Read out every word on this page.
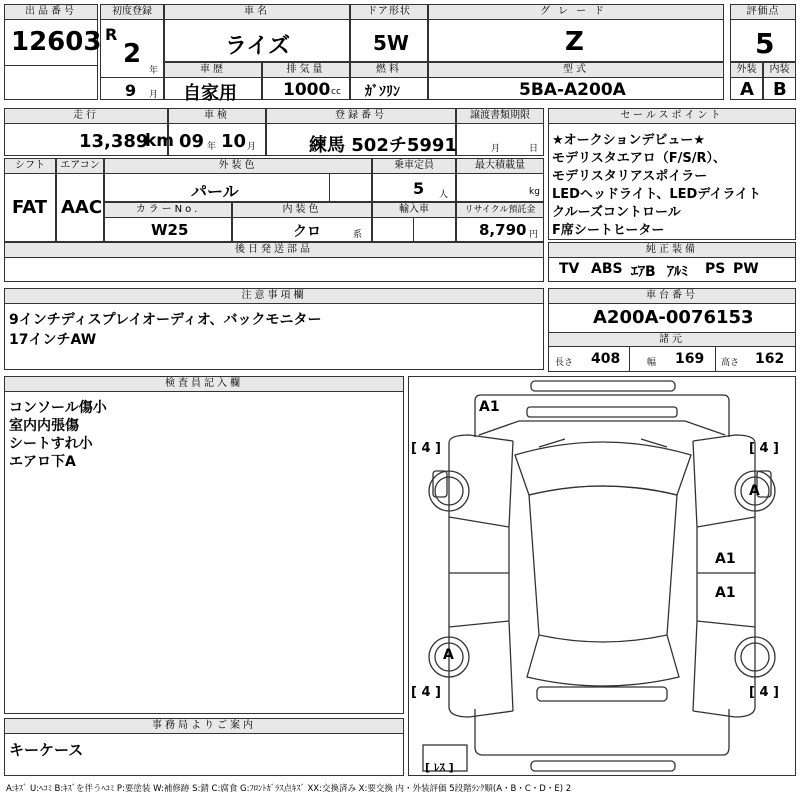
出品番号
12603
初度登録
R
2
年
9 月
車名
ライズ
ドア形状
5W
グレード
Z
評価点
5
車歴
自家用
排気量
1000 cc
燃料
ｶﾞｿﾘﾝ
型式
5BA-A200A
外装
A
内装
B
走行
13,389
km
車検
09 年 10 月
登録番号
練馬 502チ5991
譲渡書類期限
月	日
セールスポイント
★オークションデビュー★
モデリスタエアロ（F/S/R）、
モデリスタリアスポイラー
LEDヘッドライト、LEDデイライト
クルーズコントロール
F席シートヒーター
シフト
FAT
エアコン
AAC
外装色
パール
乗車定員
5 人
最大積載量
kg
カラーNo.
W25
内装色
クロ	系
輸入車	リサイクル預託金
8,790 円
後日発送部品	純正装備
TV ABS ｴｱB ｱﾙﾐ PS PW
注意事項欄
9インチディスプレイオーディオ、バックモニター
17インチAW
車台番号
A200A-0076153
諸元
長さ 408	幅 169 高さ 162
検査員記入欄
コンソール傷小
室内内張傷
シートすれ小
エアロ下A
事務局よりご案内
キーケース
A1
A1
A1
A
A
[ 4 ]	[ 4 ]
[ 4 ]	[ 4 ]
[ ﾚｽ ]
A:ｷｽﾞ U:ﾍｺﾐ B:ｷｽﾞを伴うﾍｺﾐ P:要塗装 W:補修跡 S:錆 C:腐食 G:ﾌﾛﾝﾄｶﾞﾗｽ点ｷｽﾞ XX:交換済み X:要交換 内・外装評価 5段階ﾗﾝｸ順(A・B・C・D・E) 2
